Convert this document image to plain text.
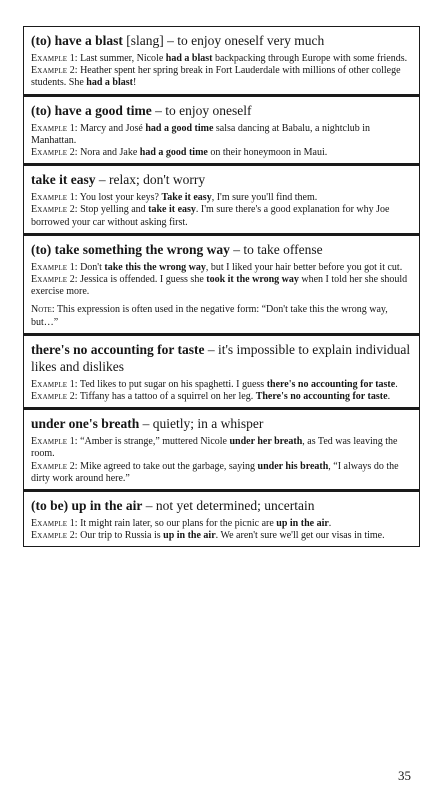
(to) have a blast [slang] – to enjoy oneself very much

Example 1: Last summer, Nicole had a blast backpacking through Europe with some friends.

Example 2: Heather spent her spring break in Fort Lauderdale with millions of other college students. She had a blast!

(to) have a good time – to enjoy oneself

Example 1: Marcy and José had a good time salsa dancing at Babalu, a nightclub in Manhattan.

Example 2: Nora and Jake had a good time on their honeymoon in Maui.

take it easy – relax; don't worry

Example 1: You lost your keys? Take it easy, I'm sure you'll find them.

Example 2: Stop yelling and take it easy. I'm sure there's a good explanation for why Joe borrowed your car without asking first.

(to) take something the wrong way – to take offense

Example 1: Don't take this the wrong way, but I liked your hair better before you got it cut.

Example 2: Jessica is offended. I guess she took it the wrong way when I told her she should exercise more.

Note: This expression is often used in the negative form: “Don't take this the wrong way, but…”

there's no accounting for taste – it's impossible to explain individual likes and dislikes

Example 1: Ted likes to put sugar on his spaghetti. I guess there's no accounting for taste.

Example 2: Tiffany has a tattoo of a squirrel on her leg. There's no accounting for taste.

under one's breath – quietly; in a whisper

Example 1: “Amber is strange,” muttered Nicole under her breath, as Ted was leaving the room.

Example 2: Mike agreed to take out the garbage, saying under his breath, “I always do the dirty work around here.”

(to be) up in the air – not yet determined; uncertain

Example 1: It might rain later, so our plans for the picnic are up in the air.

Example 2: Our trip to Russia is up in the air. We aren't sure we'll get our visas in time.

35
